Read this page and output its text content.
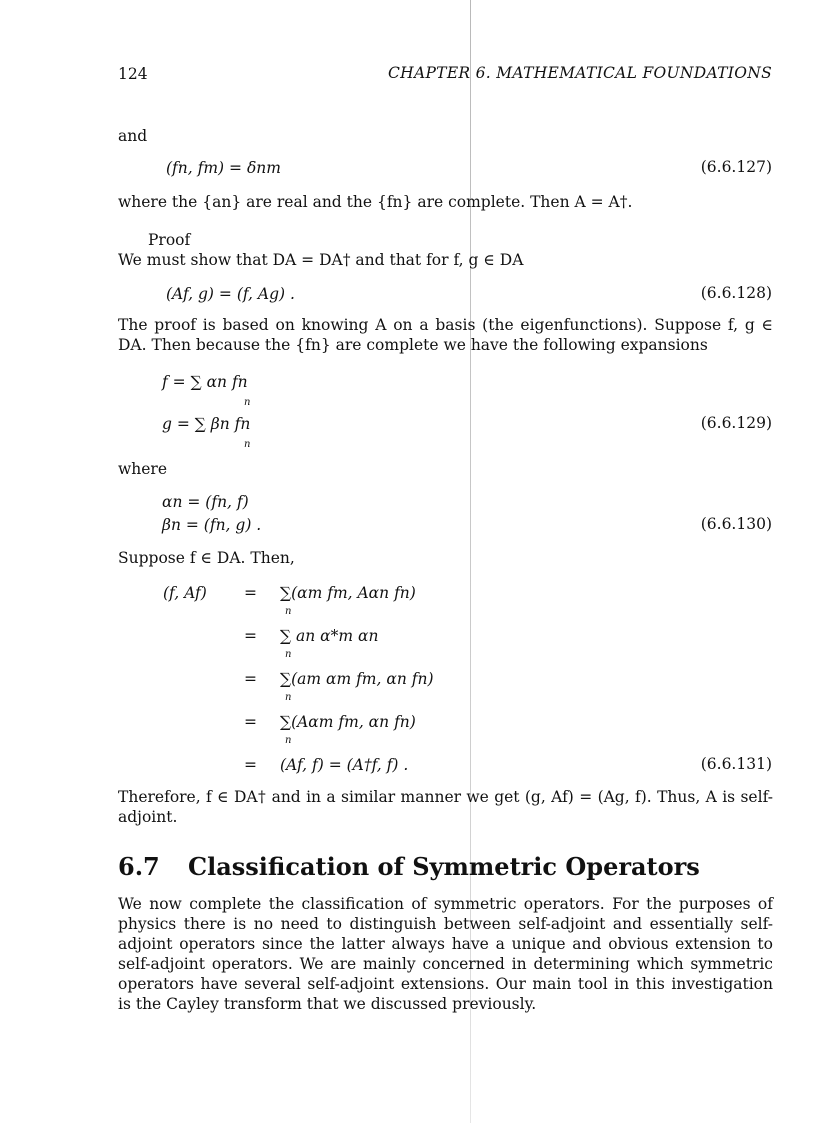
124	CHAPTER 6. MATHEMATICAL FOUNDATIONS
and
(fn, fm) = δnm	(6.6.127)
where the {an} are real and the {fn} are complete. Then A = A†.
Proof
We must show that DA = DA† and that for f, g ∈ DA
(Af, g) = (f, Ag) .	(6.6.128)
The proof is based on knowing A on a basis (the eigenfunctions). Suppose f, g ∈ DA. Then because the {fn} are complete we have the following expansions
f = ∑ αn fn
n
g = ∑ βn fn
n
(6.6.129)
where
αn = (fn, f)
βn = (fn, g) .	(6.6.130)
Suppose f ∈ DA. Then,
(f, Af) = ∑(αm fm, Aαn fn)
n
= ∑ an α*m αn
n
= ∑(am αm fm, αn fn)
n
= ∑(Aαm fm, αn fn)
n
= (Af, f) = (A†f, f) .	(6.6.131)
Therefore, f ∈ DA† and in a similar manner we get (g, Af) = (Ag, f). Thus, A is self-adjoint.
6.7 Classification of Symmetric Operators
We now complete the classification of symmetric operators. For the purposes of physics there is no need to distinguish between self-adjoint and essentially self- adjoint operators since the latter always have a unique and obvious extension to self-adjoint operators. We are mainly concerned in determining which symmetric operators have several self-adjoint extensions. Our main tool in this investigation is the Cayley transform that we discussed previously.
